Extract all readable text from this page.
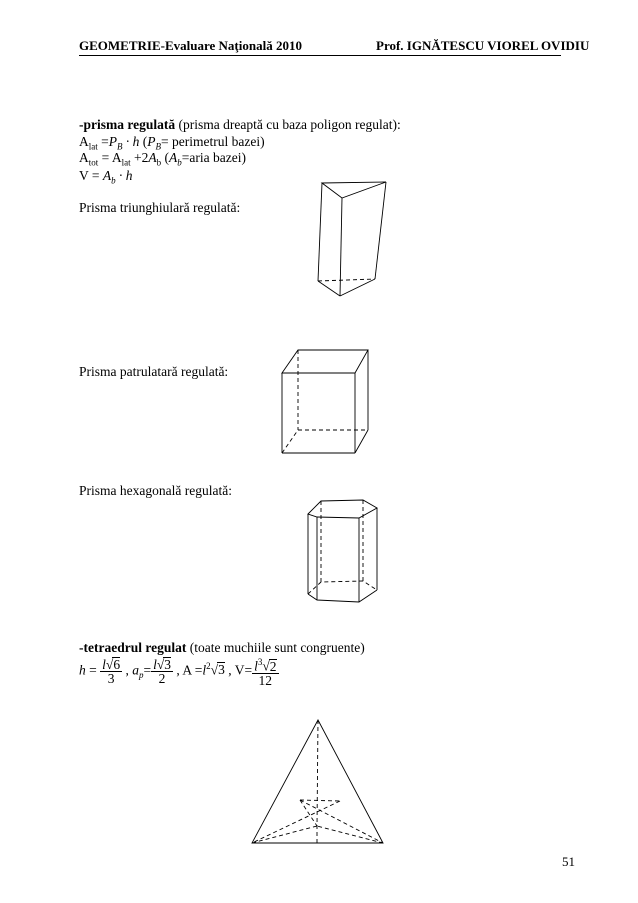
GEOMETRIE-Evaluare Naţională 2010	Prof. IGNĂTESCU VIOREL OVIDIU
-prisma regulată (prisma dreaptă cu baza poligon regulat):
$A_{lat} =P_B \cdot h$ ($P_B=$ perimetrul bazei)
$A_{tot} = A_{lat} +2A_b$ ($A_b=aria$ bazei)
$V = A_b \cdot h$
Prisma triunghiulară regulată:
Prisma patrulatară regulată:
Prisma hexagonală regulată:
-tetraedrul regulat (toate muchiile sunt congruente)
$h = \frac{l√6}{3}$ , $a_p= \frac{l√3}{2}$ , $A =l^2√3$ , $V= \frac{l^3√2}{12}$
51
